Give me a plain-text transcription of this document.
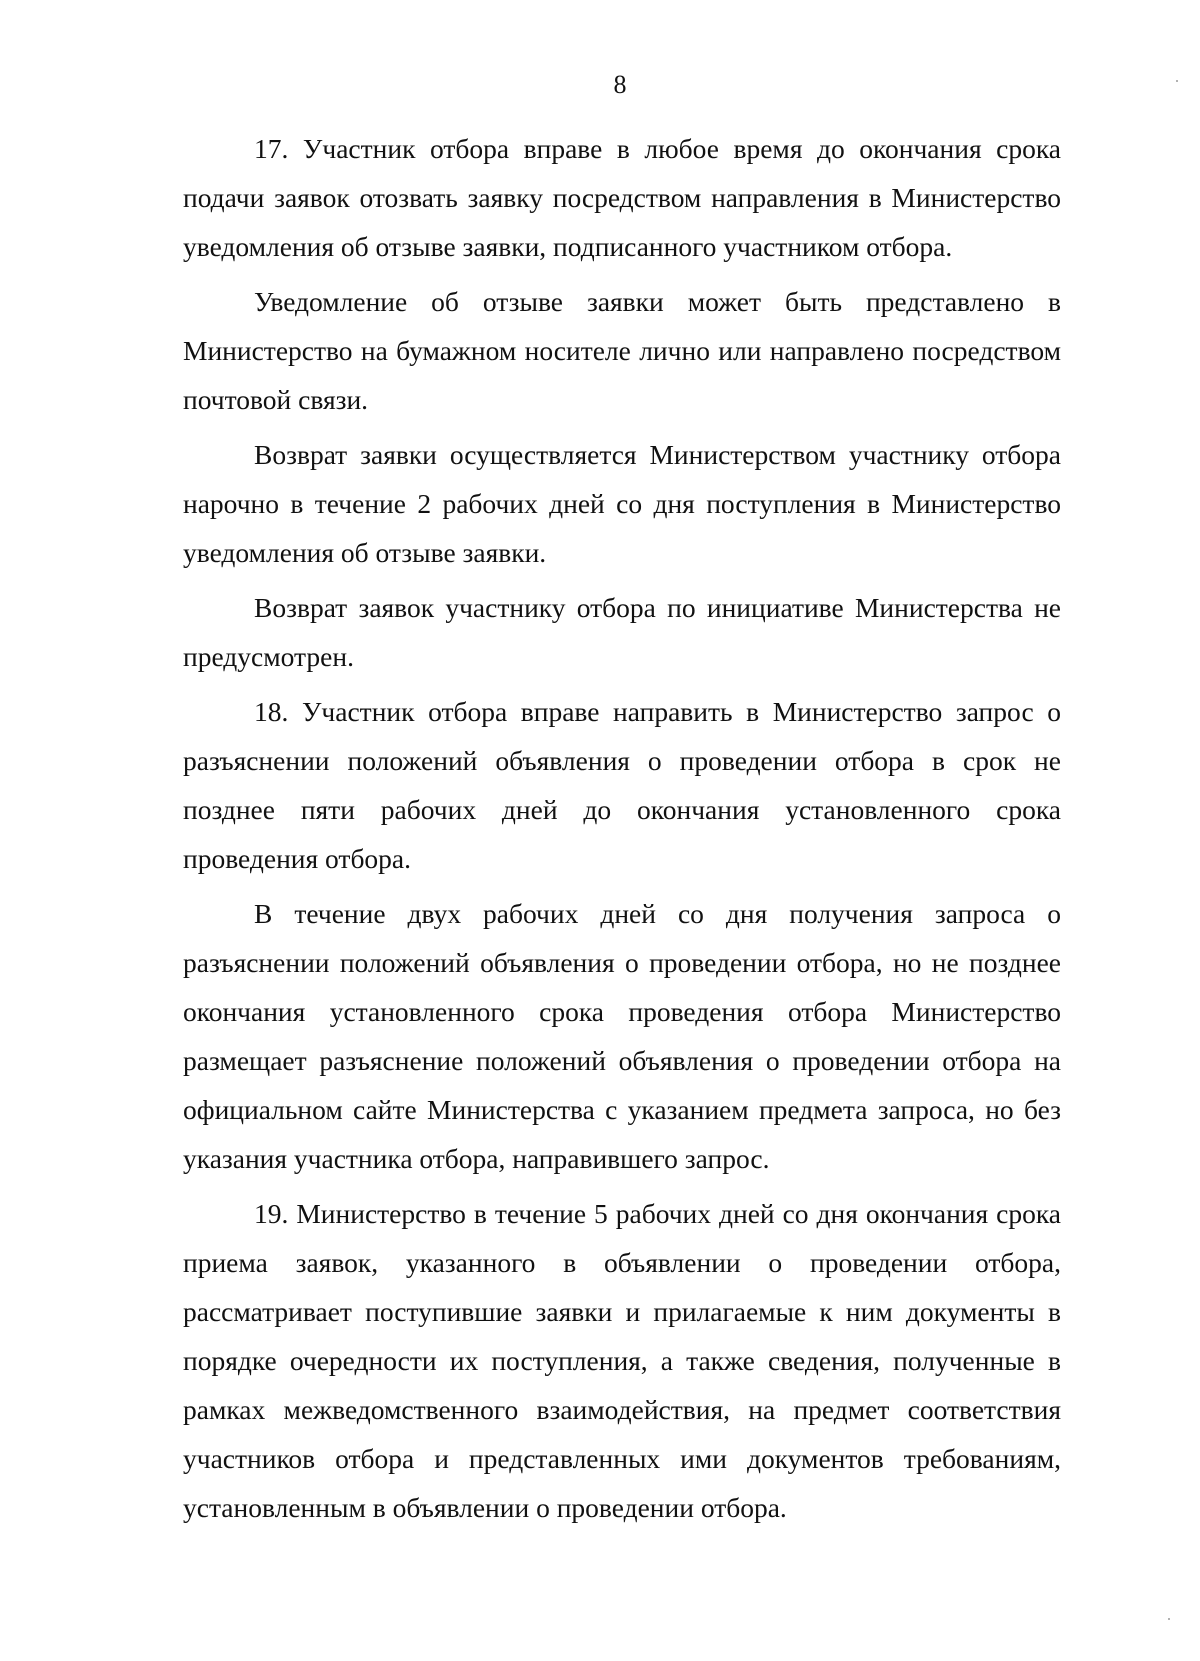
8

17. Участник отбора вправе в любое время до окончания срока подачи заявок отозвать заявку посредством направления в Министерство уведомления об отзыве заявки, подписанного участником отбора.

Уведомление об отзыве заявки может быть представлено в Министерство на бумажном носителе лично или направлено посредством почтовой связи.

Возврат заявки осуществляется Министерством участнику отбора нарочно в течение 2 рабочих дней со дня поступления в Министерство уведомления об отзыве заявки.

Возврат заявок участнику отбора по инициативе Министерства не предусмотрен.

18. Участник отбора вправе направить в Министерство запрос о разъяснении положений объявления о проведении отбора в срок не позднее пяти рабочих дней до окончания установленного срока проведения отбора.

В течение двух рабочих дней со дня получения запроса о разъяснении положений объявления о проведении отбора, но не позднее окончания установленного срока проведения отбора Министерство размещает разъяснение положений объявления о проведении отбора на официальном сайте Министерства с указанием предмета запроса, но без указания участника отбора, направившего запрос.

19. Министерство в течение 5 рабочих дней со дня окончания срока приема заявок, указанного в объявлении о проведении отбора, рассматривает поступившие заявки и прилагаемые к ним документы в порядке очередности их поступления, а также сведения, полученные в рамках межведомственного взаимодействия, на предмет соответствия участников отбора и представленных ими документов требованиям, установленным в объявлении о проведении отбора.
